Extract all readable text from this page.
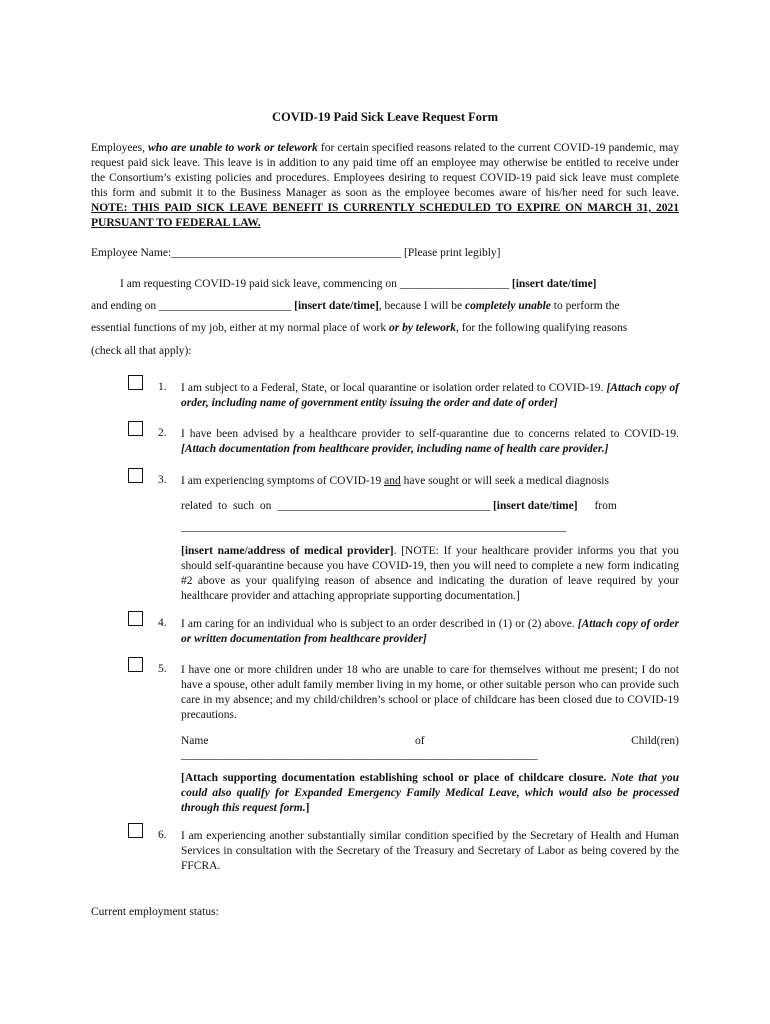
COVID-19 Paid Sick Leave Request Form
Employees, who are unable to work or telework for certain specified reasons related to the current COVID-19 pandemic, may request paid sick leave. This leave is in addition to any paid time off an employee may otherwise be entitled to receive under the Consortium’s existing policies and procedures. Employees desiring to request COVID-19 paid sick leave must complete this form and submit it to the Business Manager as soon as the employee becomes aware of his/her need for such leave. NOTE: THIS PAID SICK LEAVE BENEFIT IS CURRENTLY SCHEDULED TO EXPIRE ON MARCH 31, 2021 PURSUANT TO FEDERAL LAW.
Employee Name:________________________________________ [Please print legibly]
I am requesting COVID-19 paid sick leave, commencing on ___________________ [insert date/time]
and ending on _______________________ [insert date/time], because I will be completely unable to perform the
essential functions of my job, either at my normal place of work or by telework, for the following qualifying reasons
(check all that apply):
1. I am subject to a Federal, State, or local quarantine or isolation order related to COVID-19. [Attach copy of order, including name of government entity issuing the order and date of order]
2. I have been advised by a healthcare provider to self-quarantine due to concerns related to COVID-19. [Attach documentation from healthcare provider, including name of health care provider.]
3. I am experiencing symptoms of COVID-19 and have sought or will seek a medical diagnosis
related to such on _____________________________________ [insert date/time] from
___________________________________________________________________
[insert name/address of medical provider]. [NOTE: If your healthcare provider informs you that you should self-quarantine because you have COVID-19, then you will need to complete a new form indicating #2 above as your qualifying reason of absence and indicating the duration of leave required by your healthcare provider and attaching appropriate supporting documentation.]
4. I am caring for an individual who is subject to an order described in (1) or (2) above. [Attach copy of order or written documentation from healthcare provider]
5. I have one or more children under 18 who are unable to care for themselves without me present; I do not have a spouse, other adult family member living in my home, or other suitable person who can provide such care in my absence; and my child/children’s school or place of childcare has been closed due to COVID-19 precautions.
Name	of	Child(ren)
______________________________________________________________
[Attach supporting documentation establishing school or place of childcare closure. Note that you could also qualify for Expanded Emergency Family Medical Leave, which would also be processed through this request form.]
6. I am experiencing another substantially similar condition specified by the Secretary of Health and Human Services in consultation with the Secretary of the Treasury and Secretary of Labor as being covered by the FFCRA.
Current employment status:
